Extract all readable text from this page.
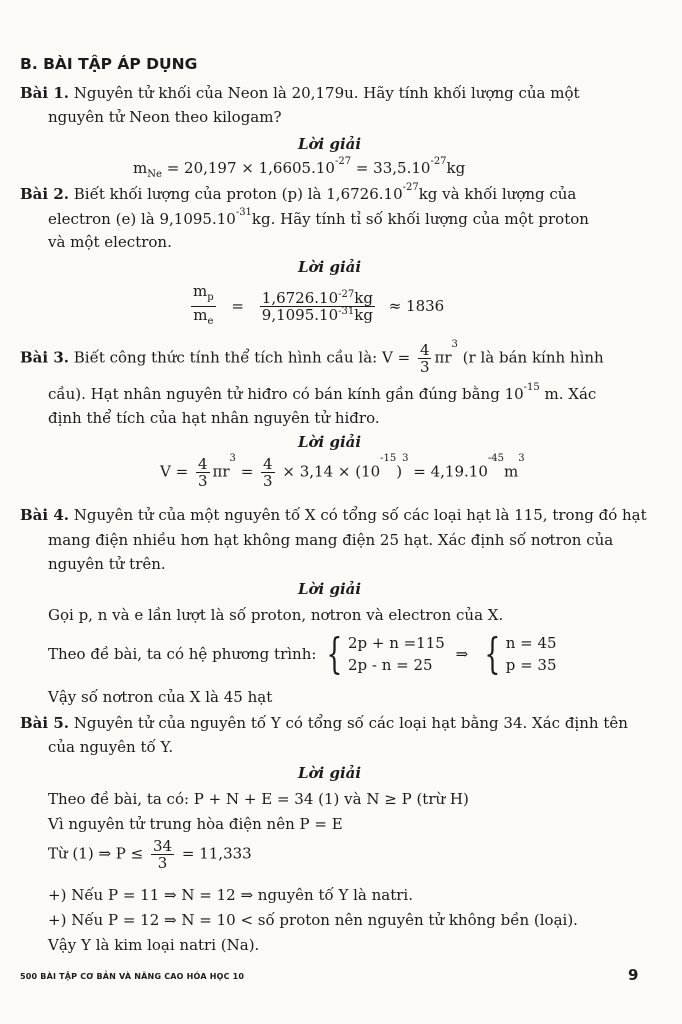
B. BÀI TẬP ÁP DỤNG
Bài 1. Nguyên tử khối của Neon là 20,179u. Hãy tính khối lượng của một
nguyên tử Neon theo kilogam?
Lời giải
$m_{Ne} = 20,197 \times 1,6605.10^{-27} = 33,5.10^{-27}kg$
Bài 2. Biết khối lượng của proton (p) là $1,6726.10^{-27}kg$ và khối lượng của
electron (e) là $9,1095.10^{-31}kg$. Hãy tính tỉ số khối lượng của một proton
và một electron.
Lời giải
$\frac{m_p}{m_e} = \frac{1,6726.10^{-27}kg}{9,1095.10^{-31}kg} \approx 1836$
Bài 3. Biết công thức tính thể tích hình cầu là: $V = \frac{4}{3} \pi r^3$ (r là bán kính hình
cầu). Hạt nhân nguyên tử hiđro có bán kính gần đúng bằng $10^{-15}$ m. Xác
định thể tích của hạt nhân nguyên tử hiđro.
Lời giải
$V = \frac{4}{3} \pi r^3 = \frac{4}{3} \times 3,14 \times (10^{-15})^3 = 4,19.10^{-45}m^3$
Bài 4. Nguyên tử của một nguyên tố X có tổng số các loại hạt là 115, trong đó hạt
mang điện nhiều hơn hạt không mang điện 25 hạt. Xác định số nơtron của
nguyên tử trên.
Lời giải
Gọi p, n và e lần lượt là số proton, nơtron và electron của X.
Theo đề bài, ta có hệ phương trình: { 2p + n =115
2p - n = 25
⇒ { n = 45
p = 35
Vậy số nơtron của X là 45 hạt
Bài 5. Nguyên tử của nguyên tố Y có tổng số các loại hạt bằng 34. Xác định tên
của nguyên tố Y.
Lời giải
Theo đề bài, ta có: P + N + E = 34 (1) và N ≥ P (trừ H)
Vì nguyên tử trung hòa điện nên P = E
Từ (1) ⇒ $P \le \frac{34}{3} = 11,333$
+) Nếu P = 11 ⇒ N = 12 ⇒ nguyên tố Y là natri.
+) Nếu P = 12 ⇒ N = 10 < số proton nên nguyên tử không bền (loại).
Vậy Y là kim loại natri (Na).
500 BÀI TẬP CƠ BẢN VÀ NÂNG CAO HÓA HỌC 10	9
